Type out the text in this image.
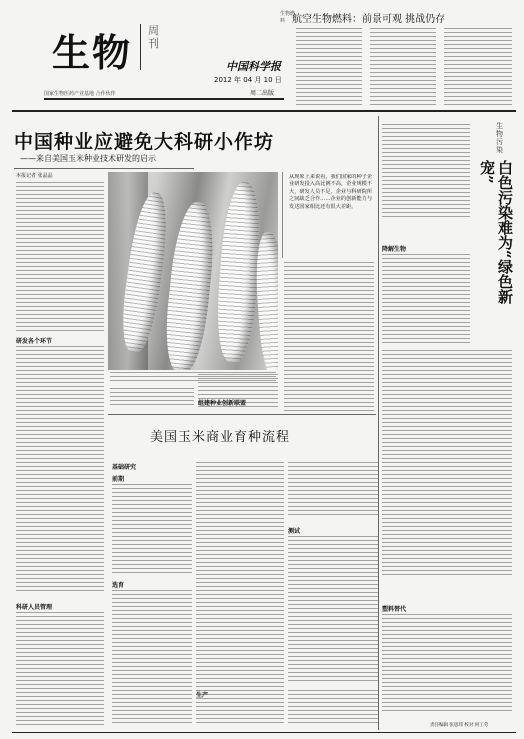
生物 周刊
中国科学报
2012 年 04 月 10 日
周二出版
国家生物医药产业基地 合作伙伴
生物燃料 航空生物燃料：前景可观 挑战仍存
中国种业应避免大科研小作坊
——来自美国玉米种业技术研发的启示
本报记者 张晶晶
研发各个环节
科研人员管理
从现象上来说看，我们国家的种子企业研发投入高比例不高，企业规模不大，研发人员不足，企业与科研院所之间缺乏合作……企业的创新能力与发达国家相比还有很大差距。
组建种业创新联盟
美国玉米商业育种流程
基础研究
前期
选育
测试
生产
生物污染
白色污染难为“绿色新宠”
降解生物
塑料替代
责任编辑 张思玮 校对 何工劳
